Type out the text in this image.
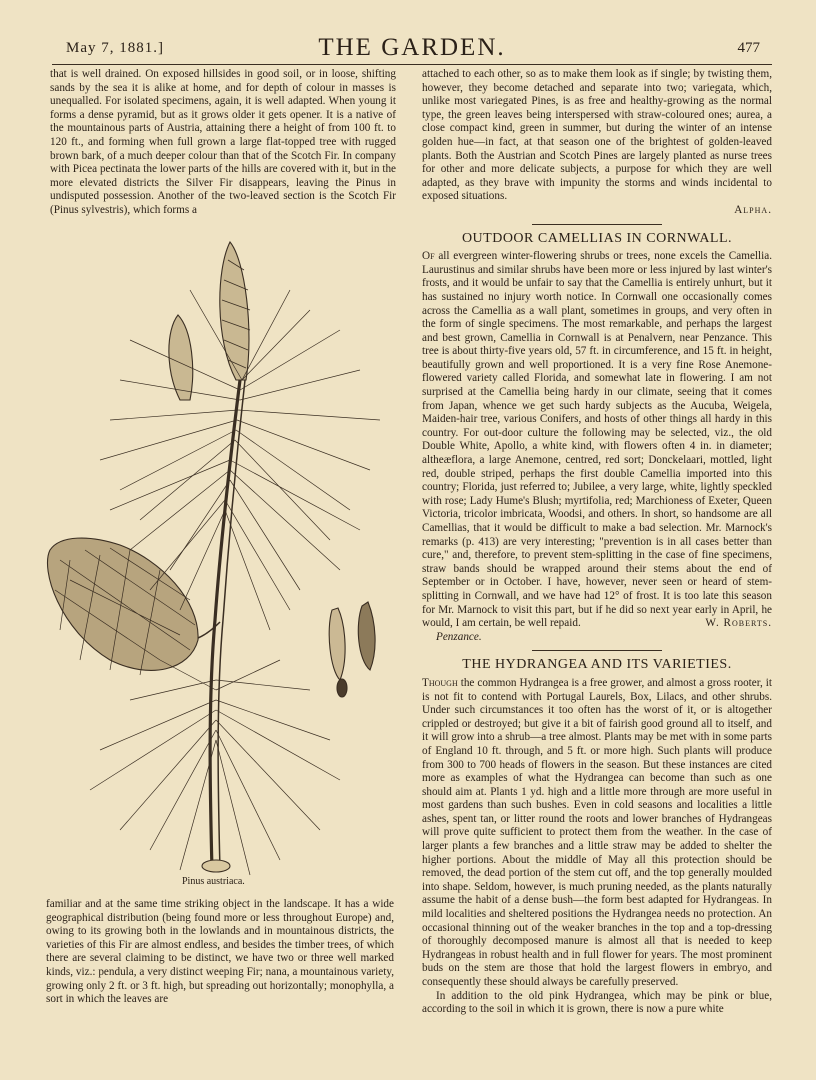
May 7, 1881.]	THE GARDEN.	477

that is well drained. On exposed hillsides in good soil, or in loose, shifting sands by the sea it is alike at home, and for depth of colour in masses is unequalled. For isolated specimens, again, it is well adapted. When young it forms a dense pyramid, but as it grows older it gets opener. It is a native of the mountainous parts of Austria, attaining there a height of from 100 ft. to 120 ft., and forming when full grown a large flat-topped tree with rugged brown bark, of a much deeper colour than that of the Scotch Fir. In company with Picea pectinata the lower parts of the hills are covered with it, but in the more elevated districts the Silver Fir disappears, leaving the Pinus in undisputed possession. Another of the two-leaved section is the Scotch Fir (Pinus sylvestris), which forms a

Pinus austriaca.

familiar and at the same time striking object in the landscape. It has a wide geographical distribution (being found more or less throughout Europe) and, owing to its growing both in the lowlands and in mountainous districts, the varieties of this Fir are almost endless, and besides the timber trees, of which there are several claiming to be distinct, we have two or three well marked kinds, viz.: pendula, a very distinct weeping Fir; nana, a mountainous variety, growing only 2 ft. or 3 ft. high, but spreading out horizontally; monophylla, a sort in which the leaves are

attached to each other, so as to make them look as if single; by twisting them, however, they become detached and separate into two; variegata, which, unlike most variegated Pines, is as free and healthy-growing as the normal type, the green leaves being interspersed with straw-coloured ones; aurea, a close compact kind, green in summer, but during the winter of an intense golden hue—in fact, at that season one of the brightest of golden-leaved plants. Both the Austrian and Scotch Pines are largely planted as nurse trees for other and more delicate subjects, a purpose for which they are well adapted, as they brave with impunity the storms and winds incidental to exposed situations.

Alpha.
OUTDOOR CAMELLIAS IN CORNWALL.

Of all evergreen winter-flowering shrubs or trees, none excels the Camellia. Laurustinus and similar shrubs have been more or less injured by last winter's frosts, and it would be unfair to say that the Camellia is entirely unhurt, but it has sustained no injury worth notice. In Cornwall one occasionally comes across the Camellia as a wall plant, sometimes in groups, and very often in the form of single specimens. The most remarkable, and perhaps the largest and best grown, Camellia in Cornwall is at Penalvern, near Penzance. This tree is about thirty-five years old, 57 ft. in circumference, and 15 ft. in height, beautifully grown and well proportioned. It is a very fine Rose Anemone-flowered variety called Florida, and somewhat late in flowering. I am not surprised at the Camellia being hardy in our climate, seeing that it comes from Japan, whence we get such hardy subjects as the Aucuba, Weigela, Maiden-hair tree, various Conifers, and hosts of other things all hardy in this country. For out-door culture the following may be selected, viz., the old Double White, Apollo, a white kind, with flowers often 4 in. in diameter; altheæflora, a large Anemone, centred, red sort; Donckelaari, mottled, light red, double striped, perhaps the first double Camellia imported into this country; Florida, just referred to; Jubilee, a very large, white, lightly speckled with rose; Lady Hume's Blush; myrtifolia, red; Marchioness of Exeter, Queen Victoria, tricolor imbricata, Woodsi, and others. In short, so handsome are all Camellias, that it would be difficult to make a bad selection. Mr. Marnock's remarks (p. 413) are very interesting; "prevention is in all cases better than cure," and, therefore, to prevent stem-splitting in the case of fine specimens, straw bands should be wrapped around their stems about the end of September or in October. I have, however, never seen or heard of stem-splitting in Cornwall, and we have had 12° of frost. It is too late this season for Mr. Marnock to visit this part, but if he did so next year early in April, he would, I am certain, be well repaid.	W. Roberts.

Penzance.
THE HYDRANGEA AND ITS VARIETIES.

Though the common Hydrangea is a free grower, and almost a gross rooter, it is not fit to contend with Portugal Laurels, Box, Lilacs, and other shrubs. Under such circumstances it too often has the worst of it, or is altogether crippled or destroyed; but give it a bit of fairish good ground all to itself, and it will grow into a shrub—a tree almost. Plants may be met with in some parts of England 10 ft. through, and 5 ft. or more high. Such plants will produce from 300 to 700 heads of flowers in the season. But these instances are cited more as examples of what the Hydrangea can become than such as one should aim at. Plants 1 yd. high and a little more through are more useful in most gardens than such bushes. Even in cold seasons and localities a little ashes, spent tan, or litter round the roots and lower branches of Hydrangeas will prove quite sufficient to protect them from the weather. In the case of larger plants a few branches and a little straw may be added to shelter the higher portions. About the middle of May all this protection should be removed, the dead portion of the stem cut off, and the top generally moulded into shape. Seldom, however, is much pruning needed, as the plants naturally assume the habit of a dense bush—the form best adapted for Hydrangeas. In mild localities and sheltered positions the Hydrangea needs no protection. An occasional thinning out of the weaker branches in the top and a top-dressing of thoroughly decomposed manure is almost all that is needed to keep Hydrangeas in robust health and in full flower for years. The most prominent buds on the stem are those that hold the largest flowers in embryo, and consequently these should always be carefully preserved.

In addition to the old pink Hydrangea, which may be pink or blue, according to the soil in which it is grown, there is now a pure white
